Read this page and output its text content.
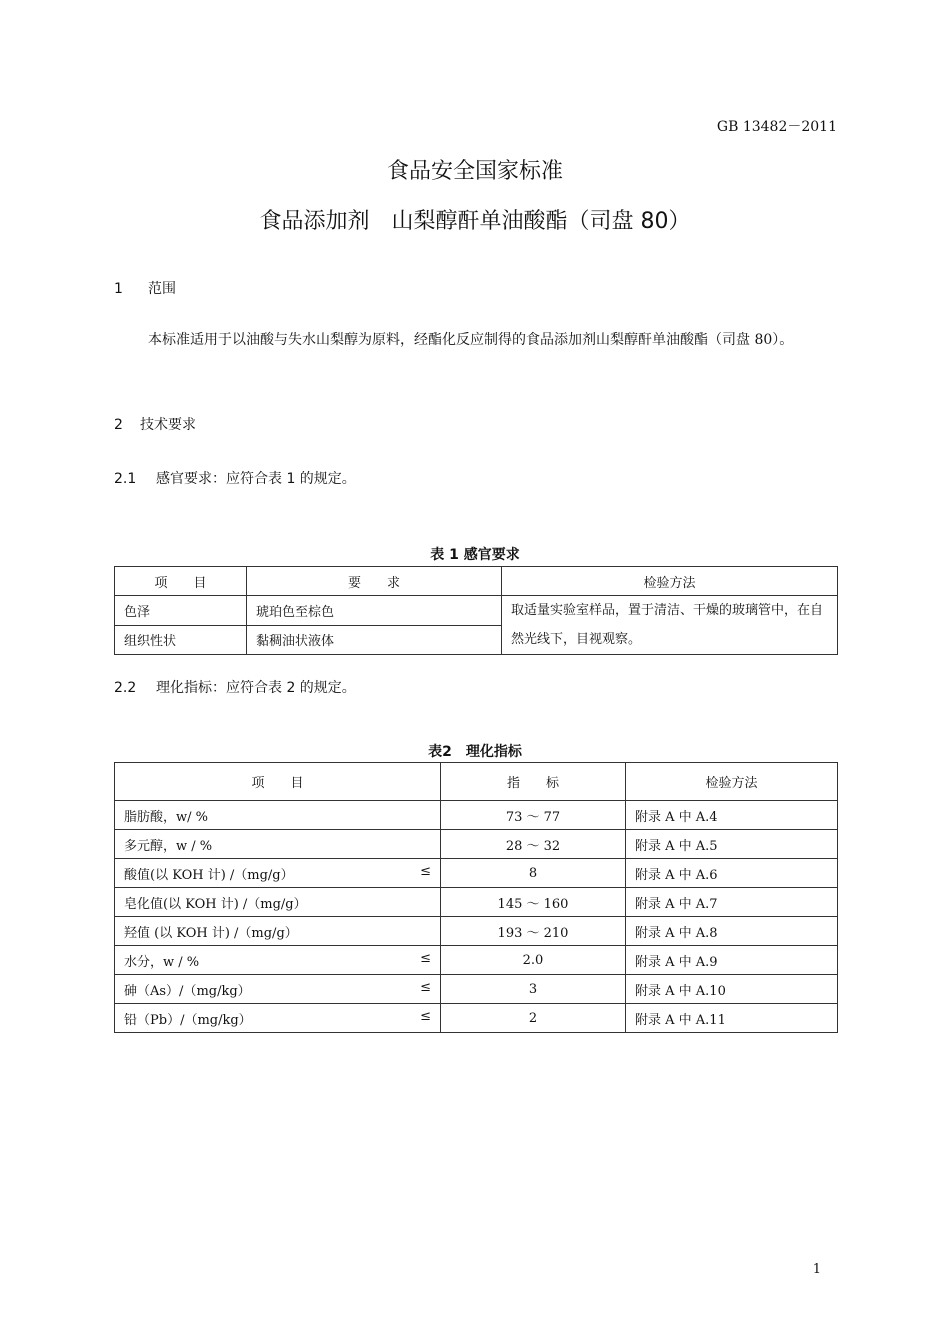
GB 13482－2011
食品安全国家标准
食品添加剂　山梨醇酐单油酸酯（司盘 80）
1 范围
本标准适用于以油酸与失水山梨醇为原料，经酯化反应制得的食品添加剂山梨醇酐单油酸酯（司盘 80）。
2 技术要求
2.1 感官要求：应符合表 1 的规定。
表 1 感官要求
项　　目	要　　求	检验方法
色泽	琥珀色至棕色	取适量实验室样品，置于清洁、干燥的玻璃管中，在自然光线下，目视观察。
组织性状	黏稠油状液体	
2.2 理化指标：应符合表 2 的规定。
表2　理化指标
项　　目	指　　标	检验方法

脂肪酸，w/ %	73 ～ 77	附录 A 中 A.4

多元醇，w / %	28 ～ 32	附录 A 中 A.5

酸值(以 KOH 计) /（mg/g） ≤	8	附录 A 中 A.6

皂化值(以 KOH 计) /（mg/g）	145 ～ 160	附录 A 中 A.7

羟值 (以 KOH 计) /（mg/g）	193 ～ 210	附录 A 中 A.8

水分，w / % ≤	2.0	附录 A 中 A.9

砷（As）/（mg/kg） ≤	3	附录 A 中 A.10

铅（Pb）/（mg/kg） ≤	2	附录 A 中 A.11
1
